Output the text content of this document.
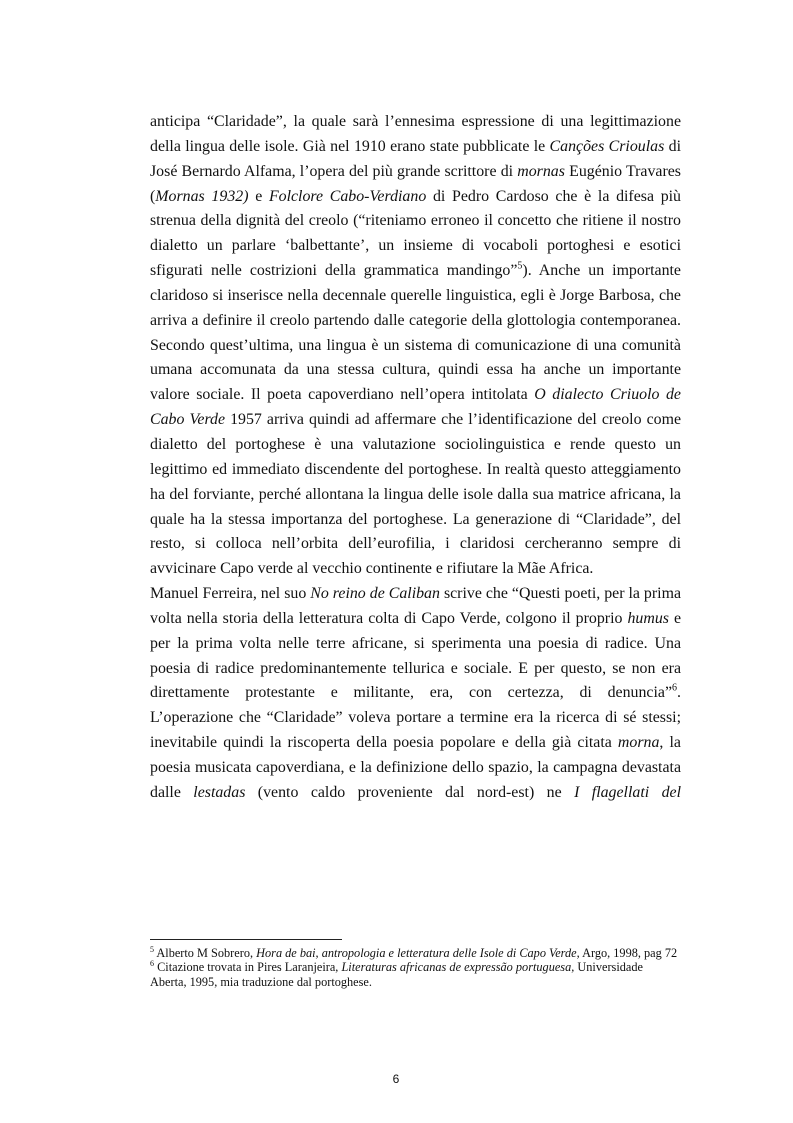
anticipa “Claridade”, la quale sarà l’ennesima espressione di una legittimazione della lingua delle isole. Già nel 1910 erano state pubblicate le Canções Crioulas di José Bernardo Alfama, l’opera del più grande scrittore di mornas Eugénio Travares (Mornas 1932) e Folclore Cabo-Verdiano di Pedro Cardoso che è la difesa più strenua della dignità del creolo (“riteniamo erroneo il concetto che ritiene il nostro dialetto un parlare ‘balbettante’, un insieme di vocaboli portoghesi e esotici sfigurati nelle costrizioni della grammatica mandingo”$^5$). Anche un importante claridoso si inserisce nella decennale querelle linguistica, egli è Jorge Barbosa, che arriva a definire il creolo partendo dalle categorie della glottologia contemporanea. Secondo quest’ultima, una lingua è un sistema di comunicazione di una comunità umana accomunata da una stessa cultura, quindi essa ha anche un importante valore sociale. Il poeta capoverdiano nell’opera intitolata O dialecto Criuolo de Cabo Verde 1957 arriva quindi ad affermare che l’identificazione del creolo come dialetto del portoghese è una valutazione sociolinguistica e rende questo un legittimo ed immediato discendente del portoghese. In realtà questo atteggiamento ha del forviante, perché allontana la lingua delle isole dalla sua matrice africana, la quale ha la stessa importanza del portoghese. La generazione di “Claridade”, del resto, si colloca nell’orbita dell’eurofilia, i claridosi cercheranno sempre di avvicinare Capo verde al vecchio continente e rifiutare la Mãe Africa.

Manuel Ferreira, nel suo No reino de Caliban scrive che “Questi poeti, per la prima volta nella storia della letteratura colta di Capo Verde, colgono il proprio humus e per la prima volta nelle terre africane, si sperimenta una poesia di radice. Una poesia di radice predominantemente tellurica e sociale. E per questo, se non era direttamente protestante e militante, era, con certezza, di denuncia”$^6$.

L’operazione che “Claridade” voleva portare a termine era la ricerca di sé stessi; inevitabile quindi la riscoperta della poesia popolare e della già citata morna, la poesia musicata capoverdiana, e la definizione dello spazio, la campagna devastata dalle lestadas (vento caldo proveniente dal nord-est) ne I flagellati del

$^5$ Alberto M Sobrero, Hora de bai, antropologia e letteratura delle Isole di Capo Verde, Argo, 1998, pag 72

$^6$ Citazione trovata in Pires Laranjeira, Literaturas africanas de expressão portuguesa, Universidade Aberta, 1995, mia traduzione dal portoghese.

6
